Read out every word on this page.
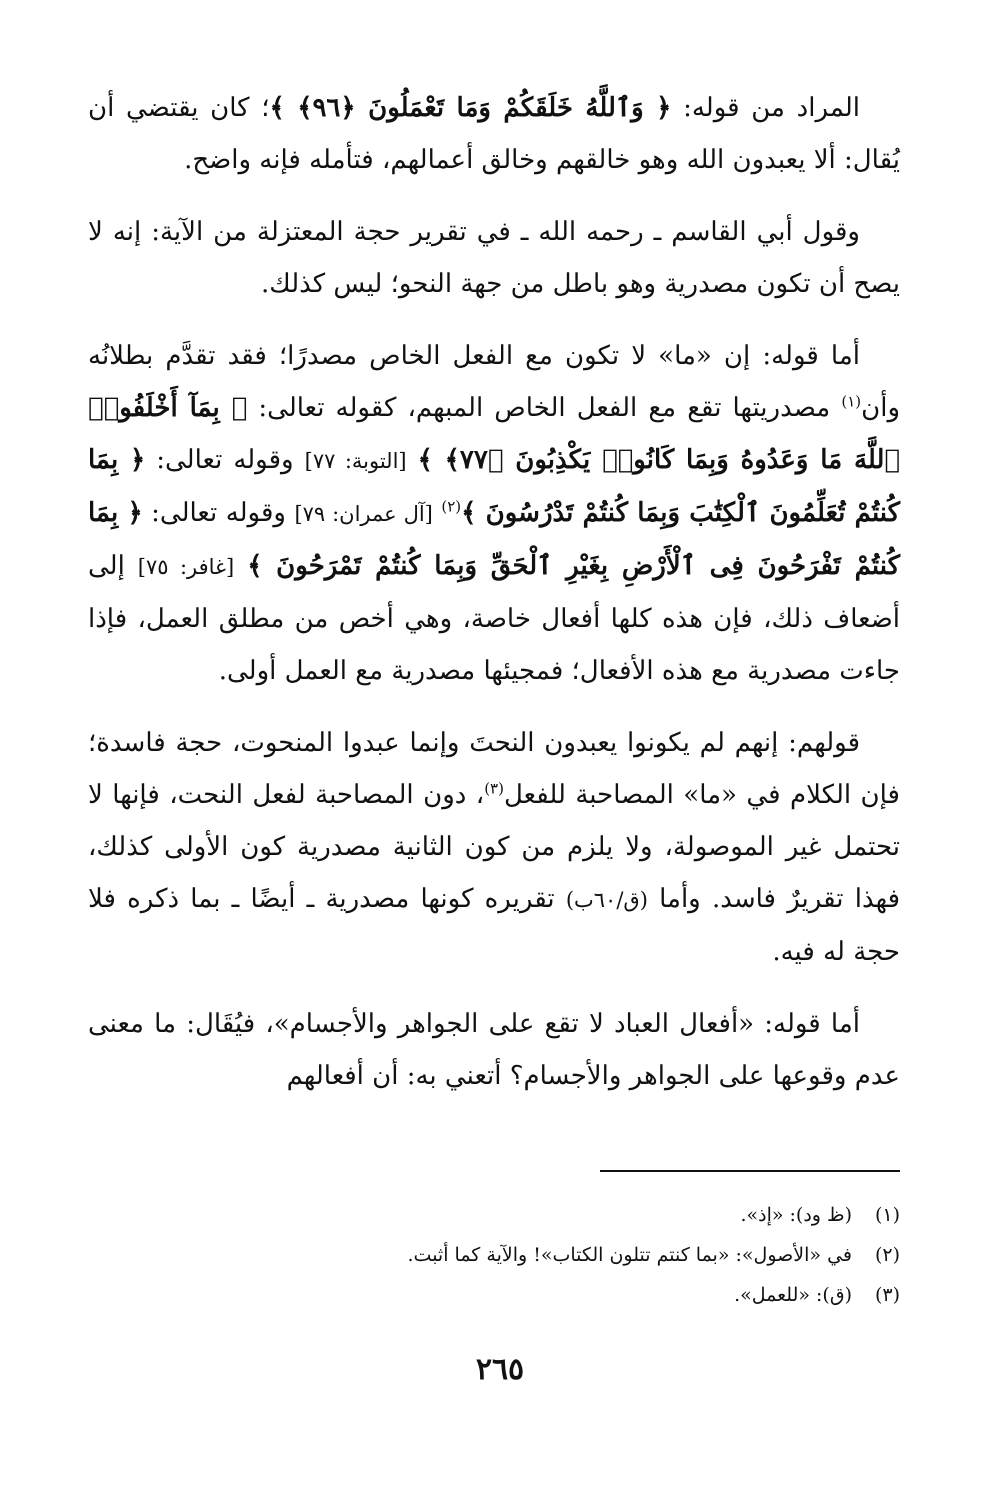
المراد من قوله: ﴿ وَٱللَّهُ خَلَقَكُمْ وَمَا تَعْمَلُونَ ﴿٩٦﴾ ﴾؛ كان يقتضي أن يُقال: ألا يعبدون الله وهو خالقهم وخالق أعمالهم، فتأمله فإنه واضح.

وقول أبي القاسم ـ رحمه الله ـ في تقرير حجة المعتزلة من الآية: إنه لا يصح أن تكون مصدرية وهو باطل من جهة النحو؛ ليس كذلك.

أما قوله: إن «ما» لا تكون مع الفعل الخاص مصدرًا؛ فقد تقدَّم بطلانُه وأن$^{(١)}$ مصدريتها تقع مع الفعل الخاص المبهم، كقوله تعالى: ﴿ بِمَآ أَخْلَفُوا۟ ٱللَّهَ مَا وَعَدُوهُ وَبِمَا كَانُوا۟ يَكْذِبُونَ ﴿٧٧﴾ ﴾ [التوبة: ٧٧] وقوله تعالى: ﴿ بِمَا كُنتُمْ تُعَلِّمُونَ ٱلْكِتَٰبَ وَبِمَا كُنتُمْ تَدْرُسُونَ ﴾$^{(٢)}$ [آل عمران: ٧٩] وقوله تعالى: ﴿ بِمَا كُنتُمْ تَفْرَحُونَ فِى ٱلْأَرْضِ بِغَيْرِ ٱلْحَقِّ وَبِمَا كُنتُمْ تَمْرَحُونَ ﴾ [غافر: ٧٥] إلى أضعاف ذلك، فإن هذه كلها أفعال خاصة، وهي أخص من مطلق العمل، فإذا جاءت مصدرية مع هذه الأفعال؛ فمجيئها مصدرية مع العمل أولى.

قولهم: إنهم لم يكونوا يعبدون النحتَ وإنما عبدوا المنحوت، حجة فاسدة؛ فإن الكلام في «ما» المصاحبة للفعل$^{(٣)}$، دون المصاحبة لفعل النحت، فإنها لا تحتمل غير الموصولة، ولا يلزم من كون الثانية مصدرية كون الأولى كذلك، فهذا تقريرٌ فاسد. وأما (ق/٦٠ب) تقريره كونها مصدرية ـ أيضًا ـ بما ذكره فلا حجة له فيه.

أما قوله: «أفعال العباد لا تقع على الجواهر والأجسام»، فيُقَال: ما معنى عدم وقوعها على الجواهر والأجسام؟ أتعني به: أن أفعالهم

(١)
(ظ ود): «إذ».
(٢)
في «الأصول»: «بما كنتم تتلون الكتاب»! والآية كما أثبت.
(٣)
(ق): «للعمل».
٢٦٥
